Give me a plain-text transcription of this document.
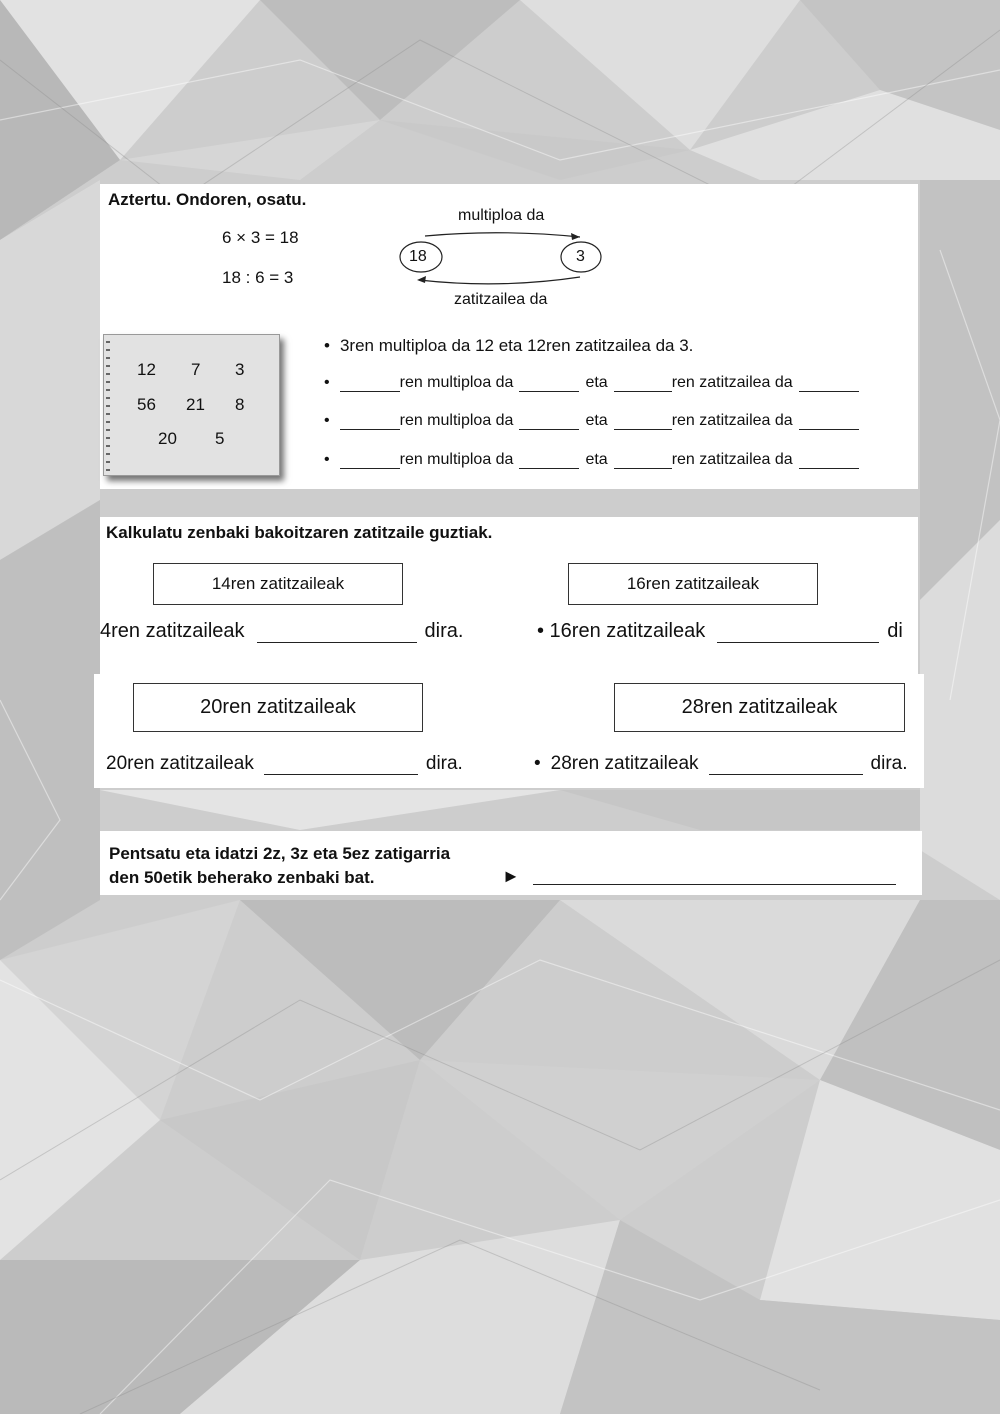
Aztertu. Ondoren, osatu.
6 × 3 = 18
18 : 6 = 3
multiploa da
18	3
zatitzailea da
12 7 3
56 21 8
20 5
• 3ren multiploa da 12 eta 12ren zatitzailea da 3.
•	ren multiploa da	eta	ren zatitzailea da
•	ren multiploa da	eta	ren zatitzailea da
•	ren multiploa da	eta	ren zatitzailea da
Kalkulatu zenbaki bakoitzaren zatitzaile guztiak.
14ren zatitzaileak	16ren zatitzaileak
4ren zatitzaileak	dira.	• 16ren zatitzaileak	di
20ren zatitzaileak	28ren zatitzaileak
20ren zatitzaileak	dira.	• 28ren zatitzaileak	dira.
Pentsatu eta idatzi 2z, 3z eta 5ez zatigarria
den 50etik beherako zenbaki bat.	►
